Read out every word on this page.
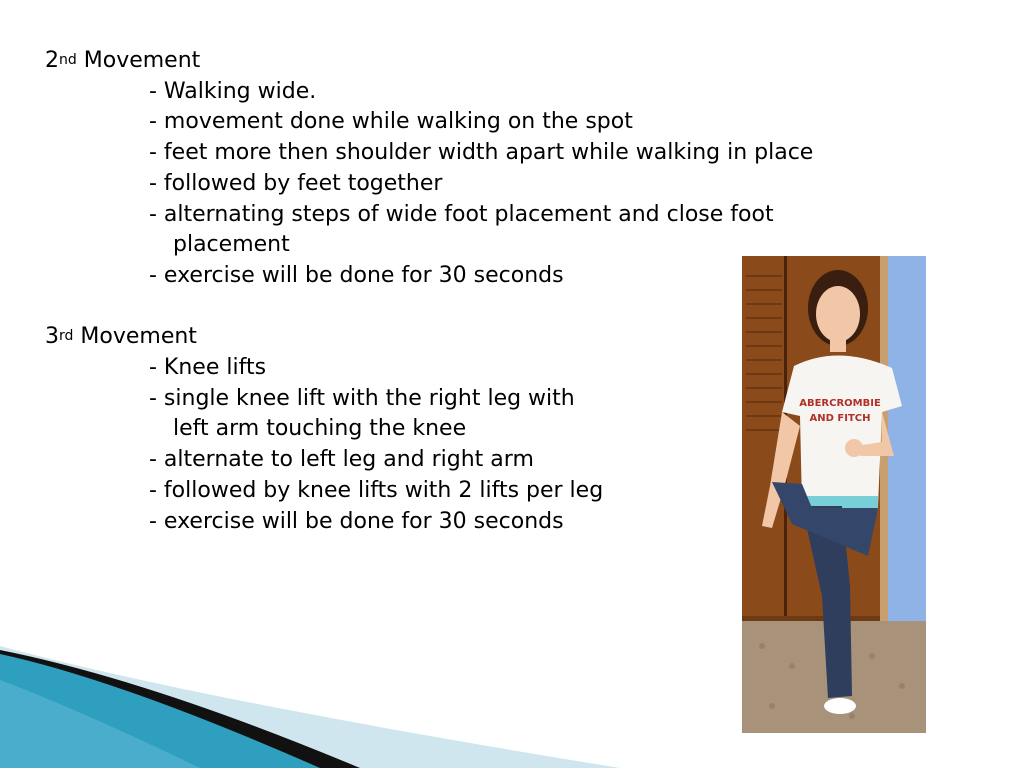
2nd Movement

- Walking wide.

- movement done while walking on the spot

- feet more then shoulder width apart while walking in place

- followed by feet together

- alternating steps of wide foot placement and close foot
placement

- exercise will be done for 30 seconds

3rd Movement

- Knee lifts

- single knee lift with the right leg with
left arm touching the knee

- alternate to left leg and right arm

- followed by knee lifts with 2 lifts per leg

- exercise will be done for 30 seconds

ABERCROMBIE
AND FITCH
